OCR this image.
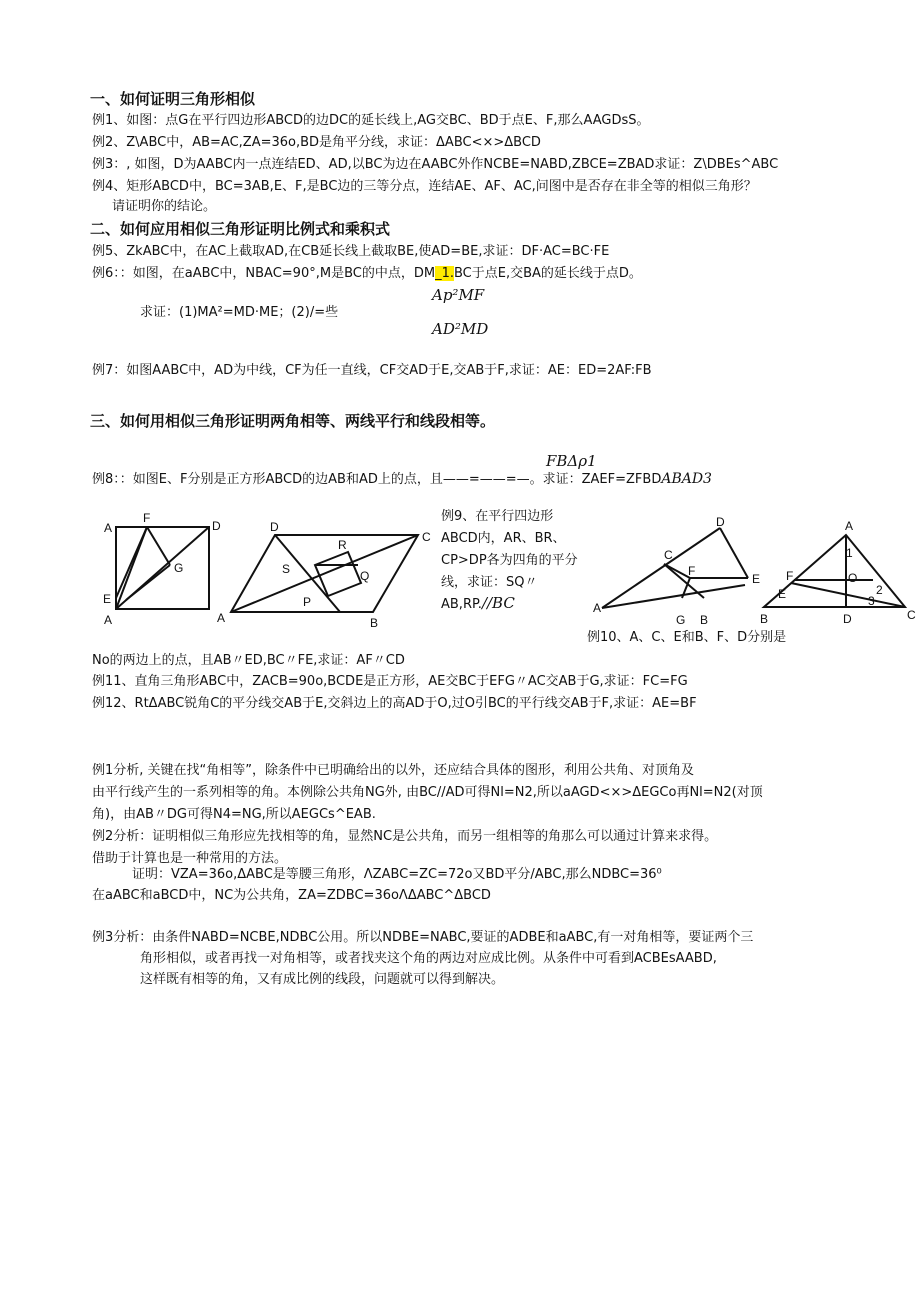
一、如何证明三角形相似
例1、如图：点G在平行四边形ABCD的边DC的延长线上,AG交BC、BD于点E、F,那么AAGDsS。
例2、Z\ABC中，AB=AC,ZA=36o,BD是角平分线，求证：ΔABC<×>ΔBCD
例3：, 如图，D为AABC内一点连结ED、AD,以BC为边在AABC外作NCBE=NABD,ZBCE=ZBAD求证：Z\DBEs^ABC
例4、矩形ABCD中，BC=3AB,E、F,是BC边的三等分点，连结AE、AF、AC,问图中是否存在非全等的相似三角形？
请证明你的结论。
二、如何应用相似三角形证明比例式和乘积式
例5、ZkABC中，在AC上截取AD,在CB延长线上截取BE,使AD=BE,求证：DF·AC=BC·FE
例6：：如图，在aABC中，NBAC=90°,M是BC的中点，DM_1.BC于点E,交BA的延长线于点D。
Ap²MF
求证：(1)MA²=MD·ME；(2)/=些
AD²MD
例7：如图AABC中，AD为中线，CF为任一直线，CF交AD于E,交AB于F,求证：AE：ED=2AF:FB
三、如何用相似三角形证明两角相等、两线平行和线段相等。
FBΔρ1
例8：：如图E、F分别是正方形ABCD的边AB和AD上的点，且——=——=—。求证：ZAEF=ZFBDABAD3
例9、在平行四边形
ABCD内，AR、BR、
CP>DP各为四角的平分
线，求证：SQ〃
AB,RP.//BC
A
F
D
G
E
A
D
C
R
S	Q
P
A	B
D
C
F
E
A
G B
A
1
F	O
E	2
3
B	D	C
例10、A、C、E和B、F、D分别是
No的两边上的点，且AB〃ED,BC〃FE,求证：AF〃CD
例11、直角三角形ABC中，ZACB=90o,BCDE是正方形，AE交BC于EFG〃AC交AB于G,求证：FC=FG
例12、RtΔABC锐角C的平分线交AB于E,交斜边上的高AD于O,过O引BC的平行线交AB于F,求证：AE=BF
例1分析, 关键在找“角相等”，除条件中已明确给出的以外，还应结合具体的图形，利用公共角、对顶角及
由平行线产生的一系列相等的角。本例除公共角NG外, 由BC//AD可得Nl=N2,所以aAGD<×>ΔEGCo再Nl=N2(对顶
角)，由AB〃DG可得N4=NG,所以AEGCs^EAB.
例2分析：证明相似三角形应先找相等的角，显然NC是公共角，而另一组相等的角那么可以通过计算来求得。
借助于计算也是一种常用的方法。
证明：VZA=36o,ΔABC是等腰三角形，ΛZABC=ZC=72o又BD平分/ABC,那么NDBC=36⁰
在aABC和aBCD中，NC为公共角，ZA=ZDBC=36oΛΔABC^ΔBCD
例3分析：由条件NABD=NCBE,NDBC公用。所以NDBE=NABC,要证的ADBE和aABC,有一对角相等，要证两个三
角形相似，或者再找一对角相等，或者找夹这个角的两边对应成比例。从条件中可看到ACBEsAABD,
这样既有相等的角，又有成比例的线段，问题就可以得到解决。
